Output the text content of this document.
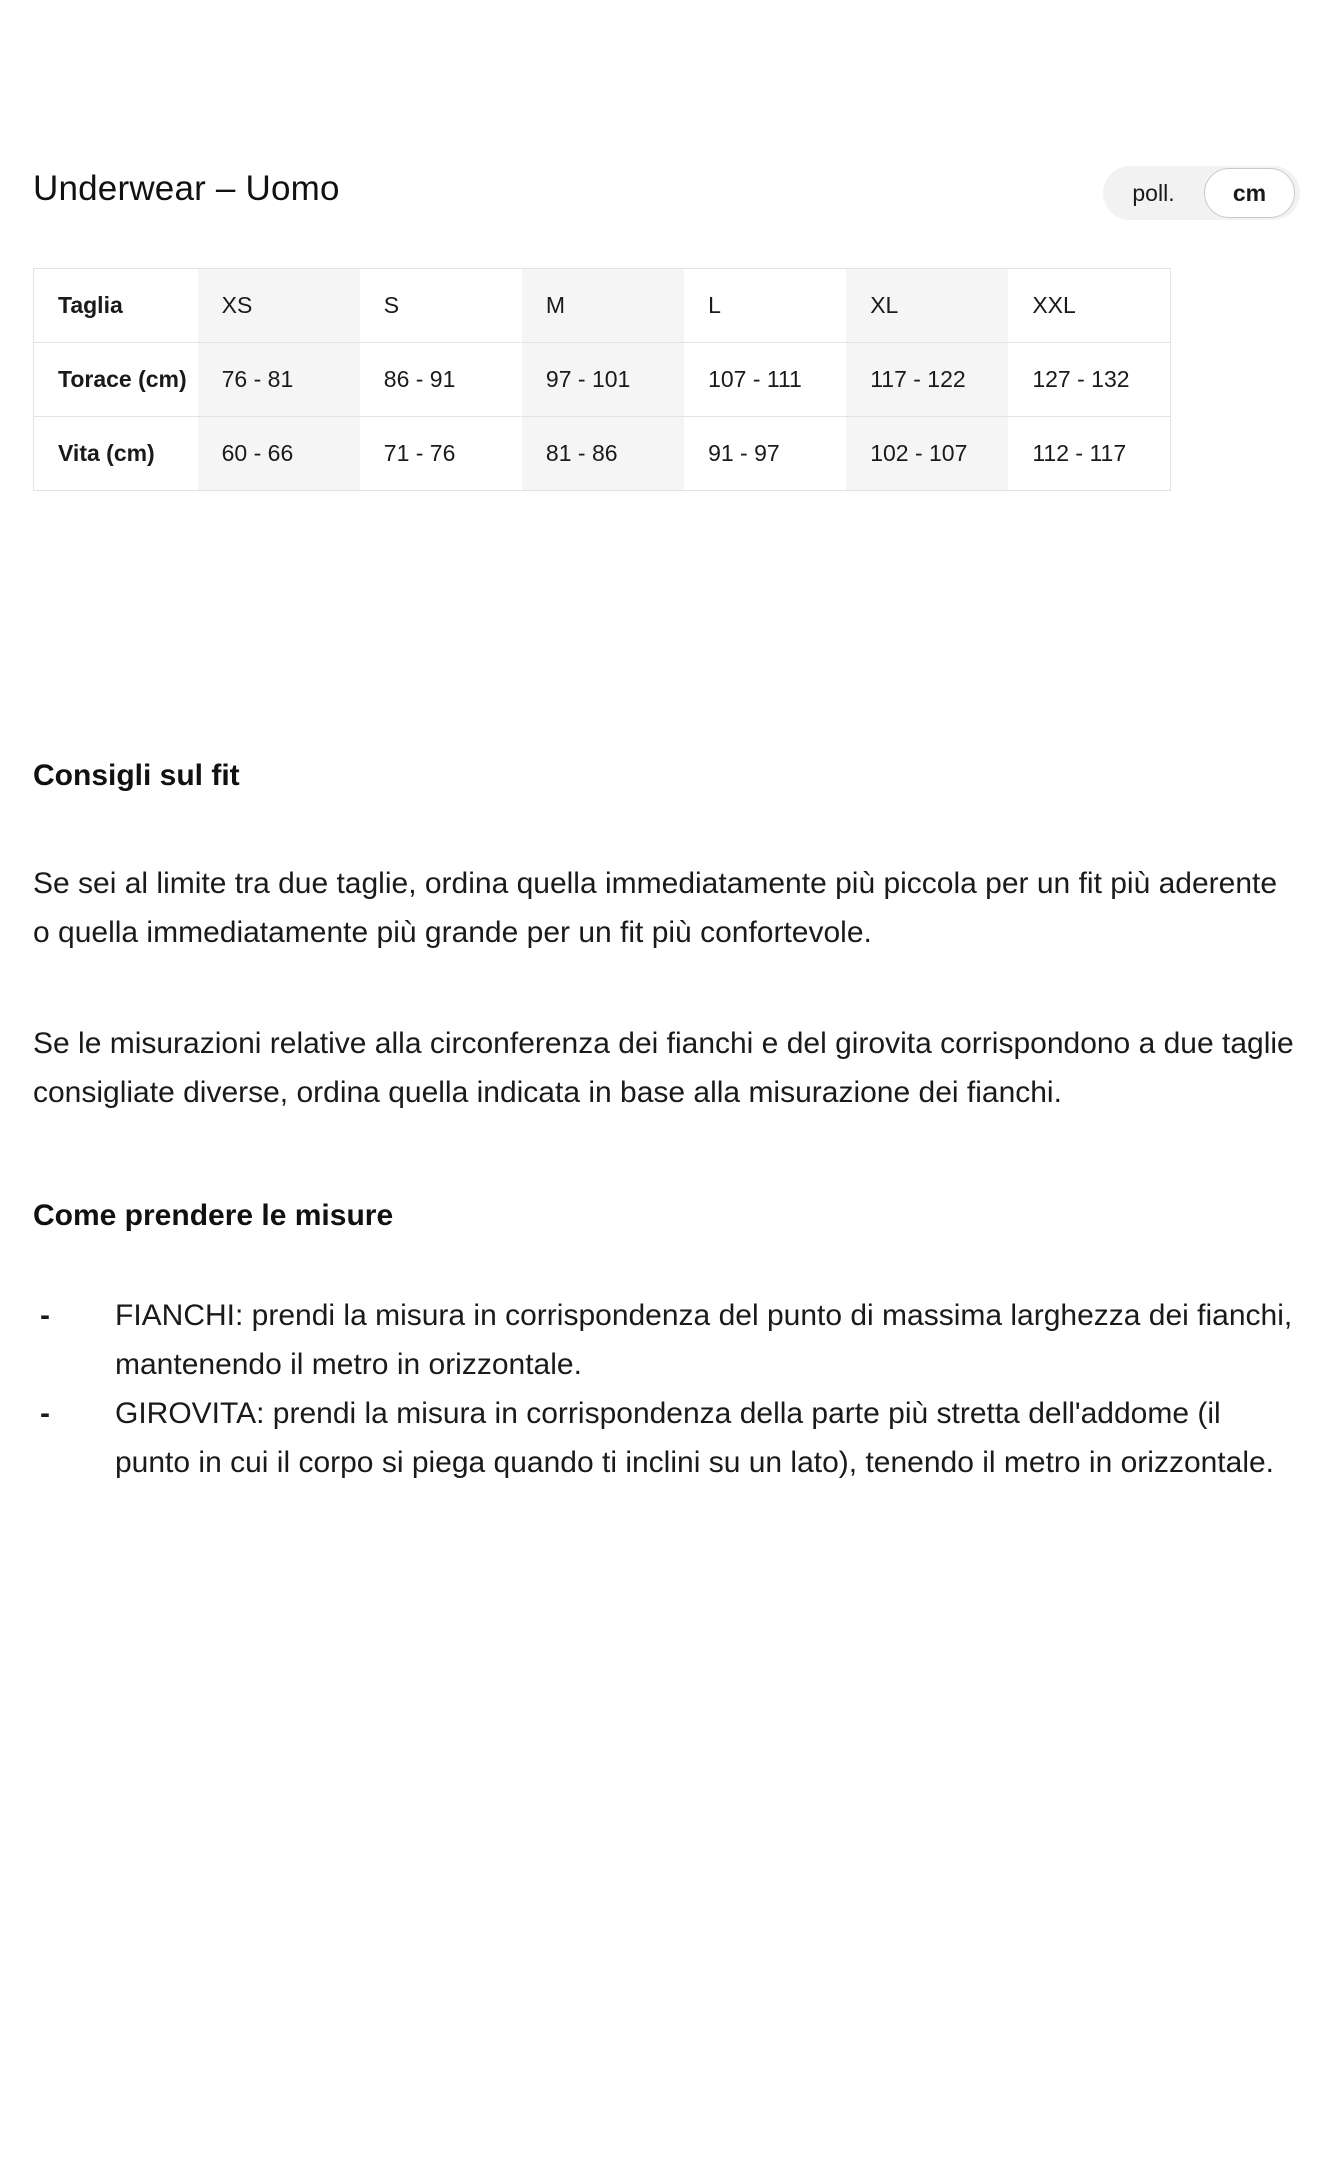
Underwear – Uomo	poll.	cm
Taglia	XS	S	M	L	XL	XXL
Torace (cm)	76 - 81	86 - 91	97 - 101	107 - 111	117 - 122	127 - 132
Vita (cm)	60 - 66	71 - 76	81 - 86	91 - 97	102 - 107	112 - 117
Consigli sul fit

Se sei al limite tra due taglie, ordina quella immediatamente più piccola per un fit più aderente o quella immediatamente più grande per un fit più confortevole.

Se le misurazioni relative alla circonferenza dei fianchi e del girovita corrispondono a due taglie consigliate diverse, ordina quella indicata in base alla misurazione dei fianchi.

Come prendere le misure
- FIANCHI: prendi la misura in corrispondenza del punto di massima larghezza dei fianchi, mantenendo il metro in orizzontale.
- GIROVITA: prendi la misura in corrispondenza della parte più stretta dell'addome (il punto in cui il corpo si piega quando ti inclini su un lato), tenendo il metro in orizzontale.
